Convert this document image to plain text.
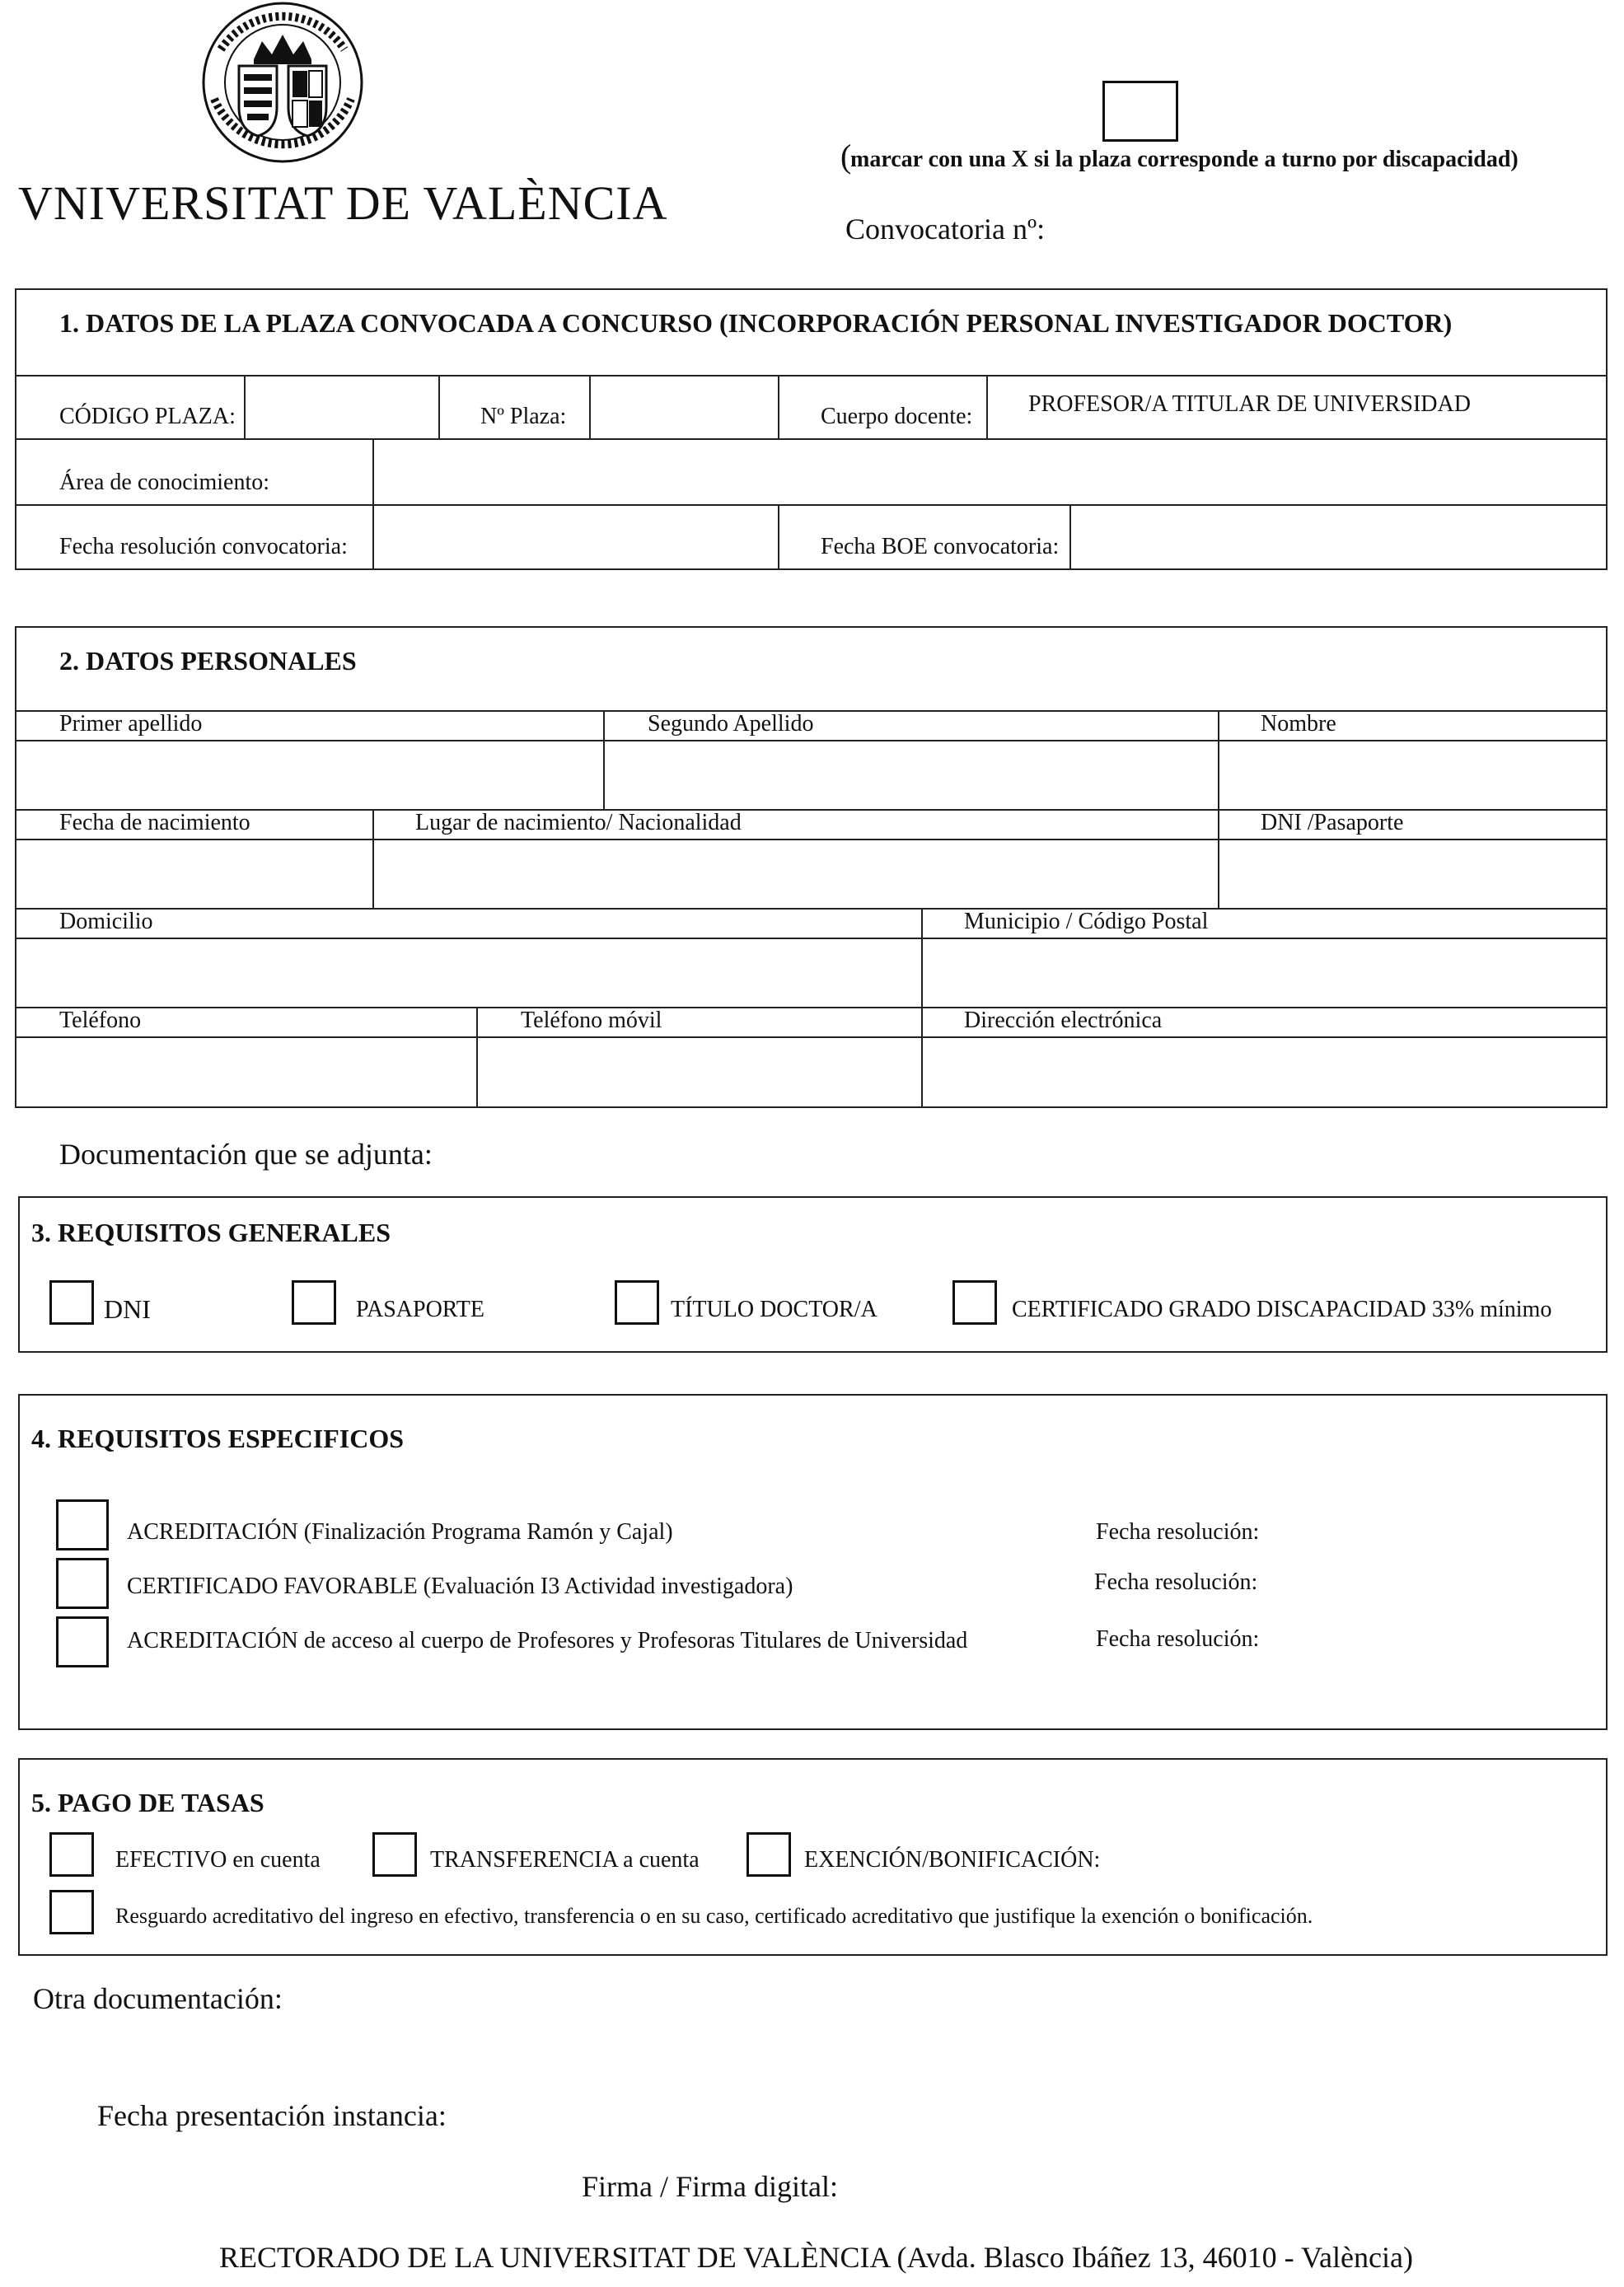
VNIVERSITAT DE VALÈNCIA
(
marcar con una X si la plaza corresponde a turno por discapacidad)
Convocatoria nº:
1. DATOS DE LA PLAZA CONVOCADA A CONCURSO (INCORPORACIÓN PERSONAL INVESTIGADOR DOCTOR)
CÓDIGO PLAZA:	Nº Plaza:	Cuerpo docente: PROFESOR/A TITULAR DE UNIVERSIDAD
Área de conocimiento:
Fecha resolución convocatoria:	Fecha BOE convocatoria:
2. DATOS PERSONALES
Primer apellido	Segundo Apellido	Nombre
Fecha de nacimiento	Lugar de nacimiento/ Nacionalidad	DNI /Pasaporte
Domicilio	Municipio / Código Postal
Teléfono	Teléfono móvil	Dirección electrónica
Documentación que se adjunta:
3. REQUISITOS GENERALES
DNI	PASAPORTE	TÍTULO DOCTOR/A	CERTIFICADO GRADO DISCAPACIDAD 33% mínimo
4. REQUISITOS ESPECIFICOS
ACREDITACIÓN (Finalización Programa Ramón y Cajal)	Fecha resolución:
CERTIFICADO FAVORABLE (Evaluación I3 Actividad investigadora)	Fecha resolución:
ACREDITACIÓN de acceso al cuerpo de Profesores y Profesoras Titulares de Universidad	Fecha resolución:
5. PAGO DE TASAS
EFECTIVO en cuenta	TRANSFERENCIA a cuenta	EXENCIÓN/BONIFICACIÓN:
Resguardo acreditativo del ingreso en efectivo, transferencia o en su caso, certificado acreditativo que justifique la exención o bonificación.
Otra documentación:
Fecha presentación instancia:
Firma / Firma digital:
RECTORADO DE LA UNIVERSITAT DE VALÈNCIA (Avda. Blasco Ibáñez 13, 46010 - València)
